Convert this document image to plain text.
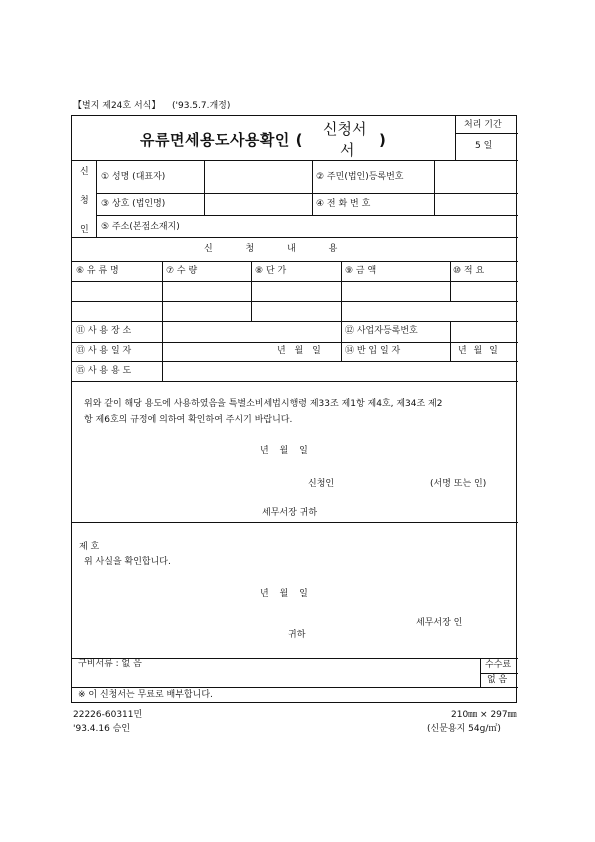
【별지 제24호 서식】 ('93.5.7.개정)
유류면세용도사용확인 (
신청서
서
)
처리 기간
5 일
신
청
인
① 성명 (대표자)	② 주민(법인)등록번호
③ 상호 (법인명)	④ 전 화 번 호
⑤ 주소(본점소재지)
신 청 내 용
⑥ 유 류 명	⑦ 수 량	⑧ 단 가	⑨ 금 액	⑩ 적 요
⑪ 사 용 장 소	⑫ 사업자등록번호
⑬ 사 용 일 자	년 월 일	⑭ 반 입 일 자	년 월 일
⑮ 사 용 용 도
위와 같이 해당 용도에 사용하였음을 특별소비세법시행령 제33조 제1항 제4호, 제34조 제2
항 제6호의 규정에 의하여 확인하여 주시기 바랍니다.
년 월 일
신청인	(서명 또는 인)
세무서장 귀하
제 호
위 사실을 확인합니다.
년 월 일
세무서장 인
귀하
구비서류 : 없 음	수수료
없 음
※ 이 신청서는 무료로 배부합니다.
22226-60311민
'93.4.16 승인
210㎜ × 297㎜
(신문용지 54g/㎡)
